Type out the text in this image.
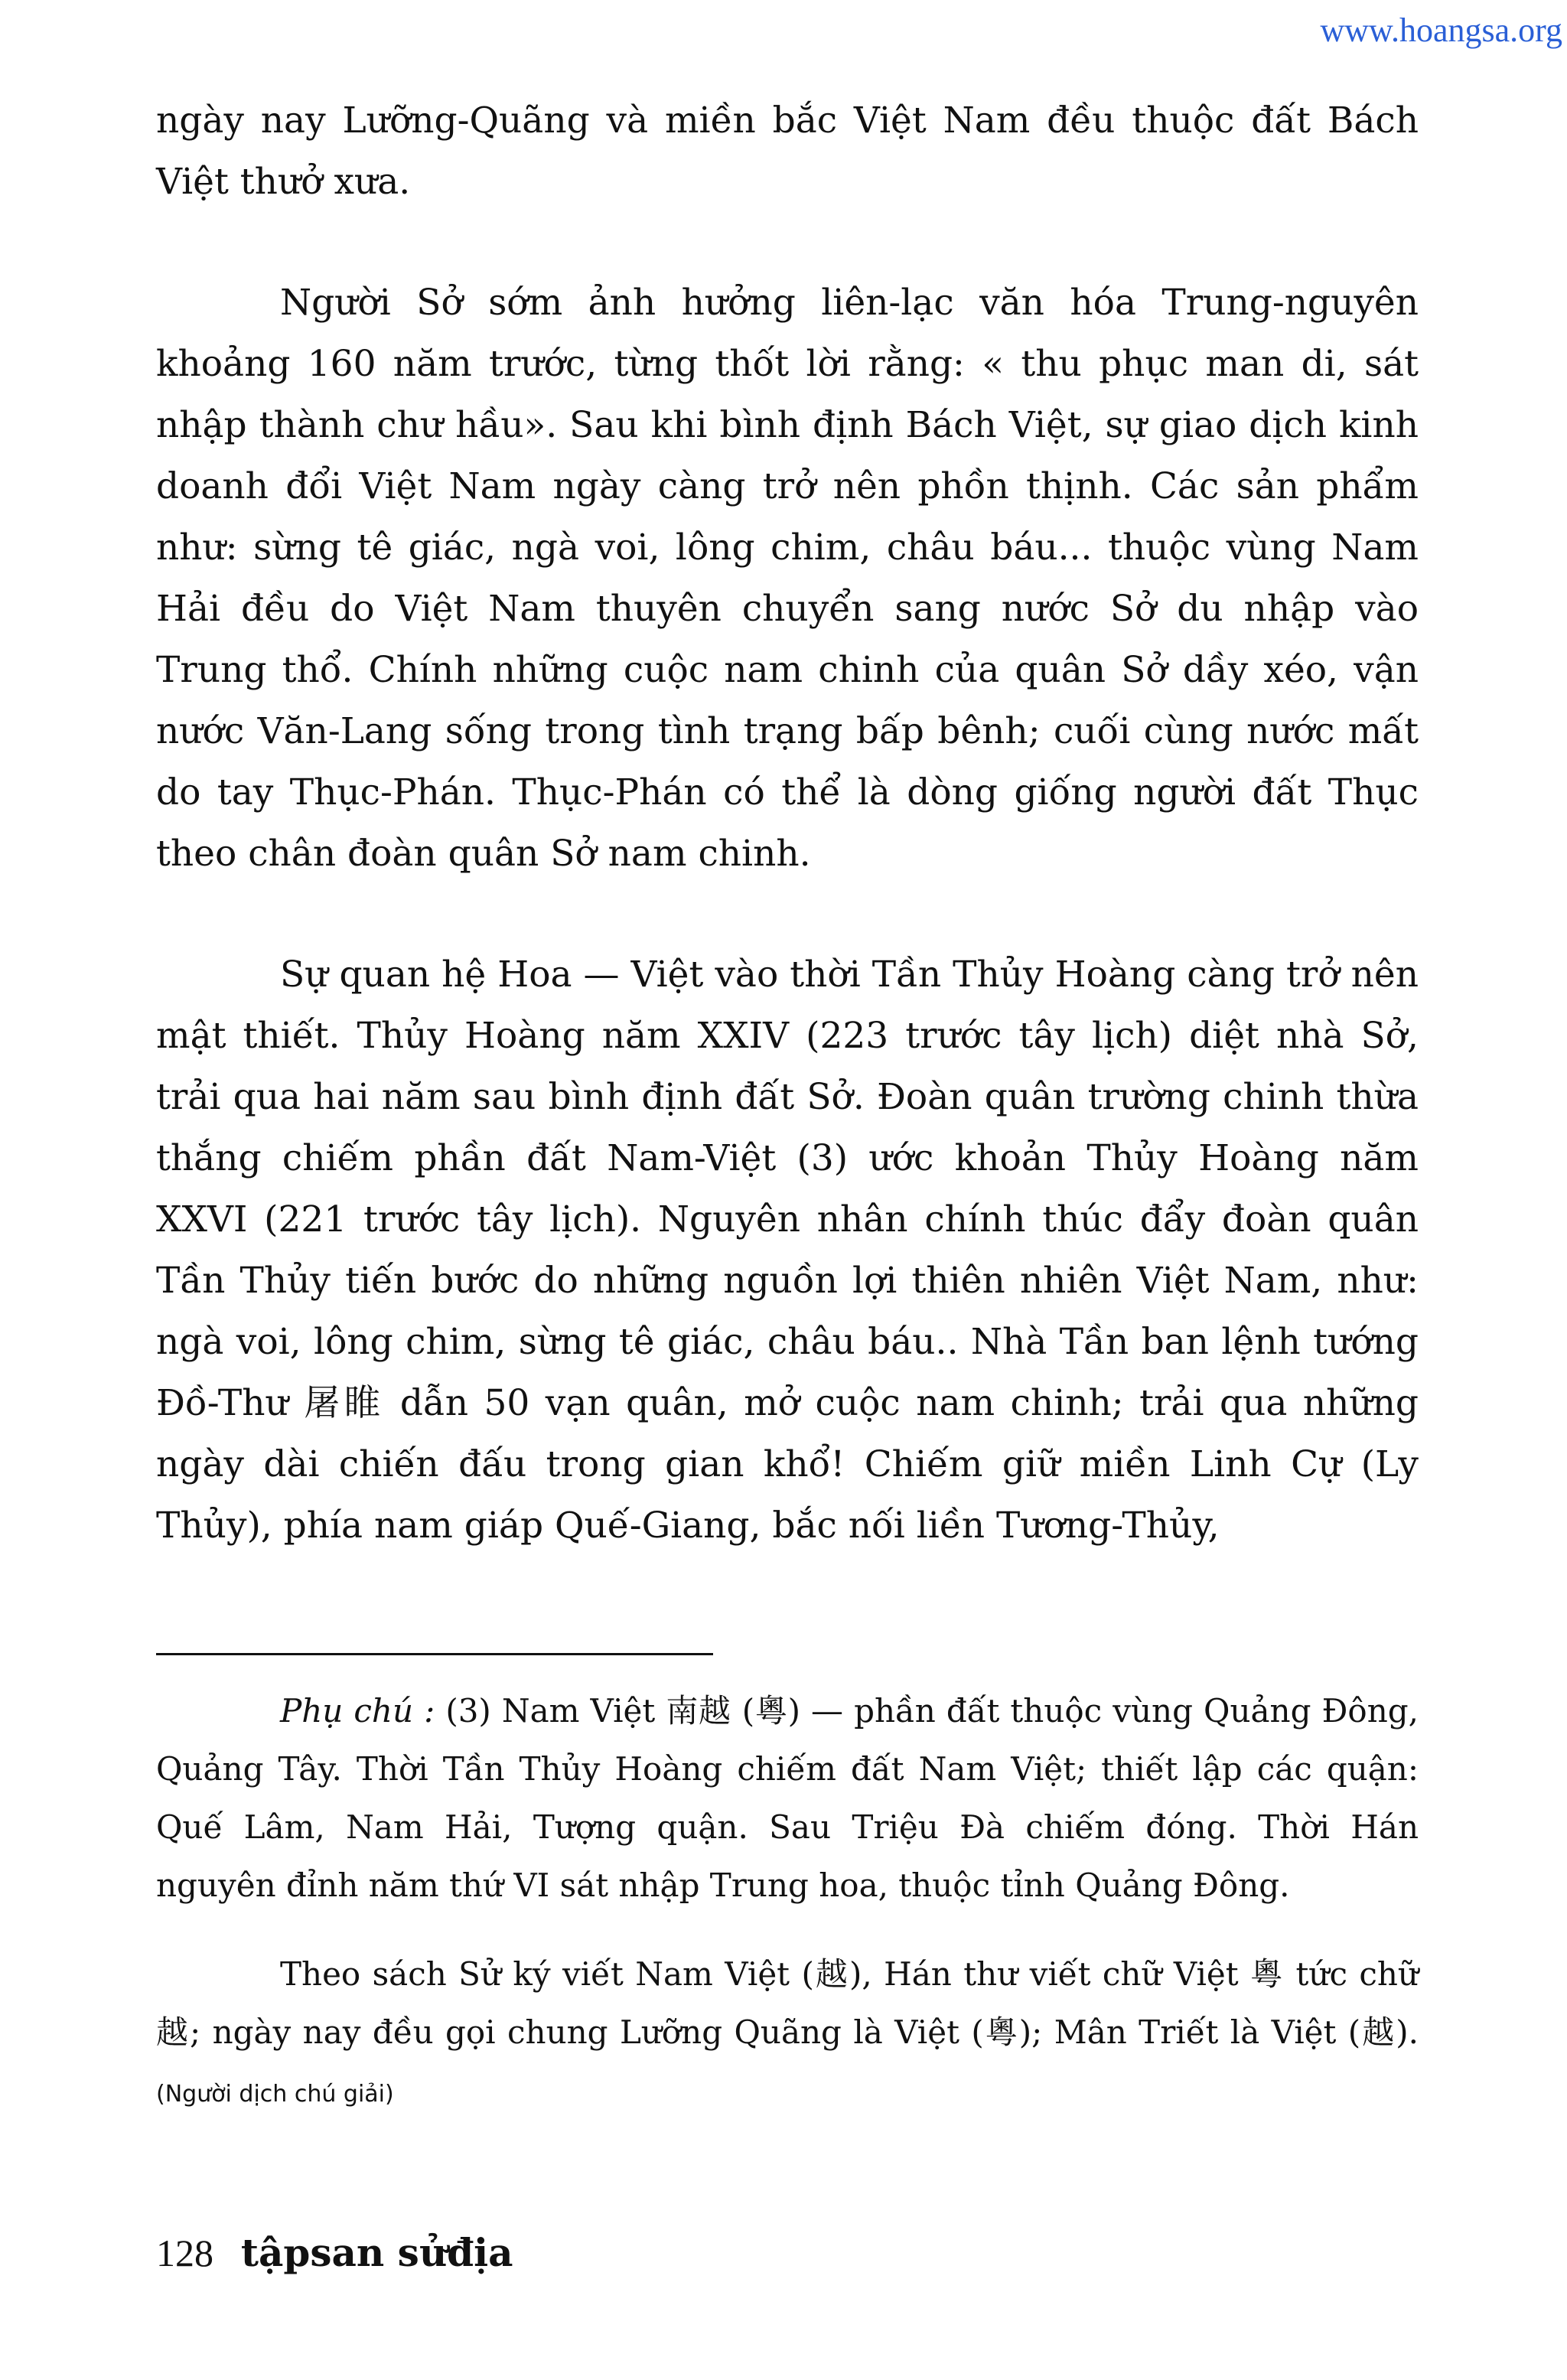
www.hoangsa.org

ngày nay Lưỡng-Quãng và miền bắc Việt Nam đều thuộc đất Bách Việt thưở xưa.

Người Sở sớm ảnh hưởng liên-lạc văn hóa Trung-nguyên khoảng 160 năm trước, từng thốt lời rằng: « thu phục man di, sát nhập thành chư hầu». Sau khi bình định Bách Việt, sự giao dịch kinh doanh đổi Việt Nam ngày càng trở nên phồn thịnh. Các sản phẩm như: sừng tê giác, ngà voi, lông chim, châu báu... thuộc vùng Nam Hải đều do Việt Nam thuyên chuyển sang nước Sở du nhập vào Trung thổ. Chính những cuộc nam chinh của quân Sở dầy xéo, vận nước Văn-Lang sống trong tình trạng bấp bênh; cuối cùng nước mất do tay Thục-Phán. Thục-Phán có thể là dòng giống người đất Thục theo chân đoàn quân Sở nam chinh.

Sự quan hệ Hoa — Việt vào thời Tần Thủy Hoàng càng trở nên mật thiết. Thủy Hoàng năm XXIV (223 trước tây lịch) diệt nhà Sở, trải qua hai năm sau bình định đất Sở. Đoàn quân trường chinh thừa thắng chiếm phần đất Nam-Việt (3) ước khoản Thủy Hoàng năm XXVI (221 trước tây lịch). Nguyên nhân chính thúc đẩy đoàn quân Tần Thủy tiến bước do những nguồn lợi thiên nhiên Việt Nam, như: ngà voi, lông chim, sừng tê giác, châu báu.. Nhà Tần ban lệnh tướng Đồ-Thư 屠睢 dẫn 50 vạn quân, mở cuộc nam chinh; trải qua những ngày dài chiến đấu trong gian khổ! Chiếm giữ miền Linh Cự (Ly Thủy), phía nam giáp Quế-Giang, bắc nối liền Tương-Thủy,

Phụ chú : (3) Nam Việt 南越 (粵) — phần đất thuộc vùng Quảng Đông, Quảng Tây. Thời Tần Thủy Hoàng chiếm đất Nam Việt; thiết lập các quận: Quế Lâm, Nam Hải, Tượng quận. Sau Triệu Đà chiếm đóng. Thời Hán nguyên đỉnh năm thứ VI sát nhập Trung hoa, thuộc tỉnh Quảng Đông.

Theo sách Sử ký viết Nam Việt (越), Hán thư viết chữ Việt 粵 tức chữ 越; ngày nay đều gọi chung Lưỡng Quãng là Việt (粵); Mân Triết là Việt (越). (Người dịch chú giải)

128 tậpsan sửđịa
